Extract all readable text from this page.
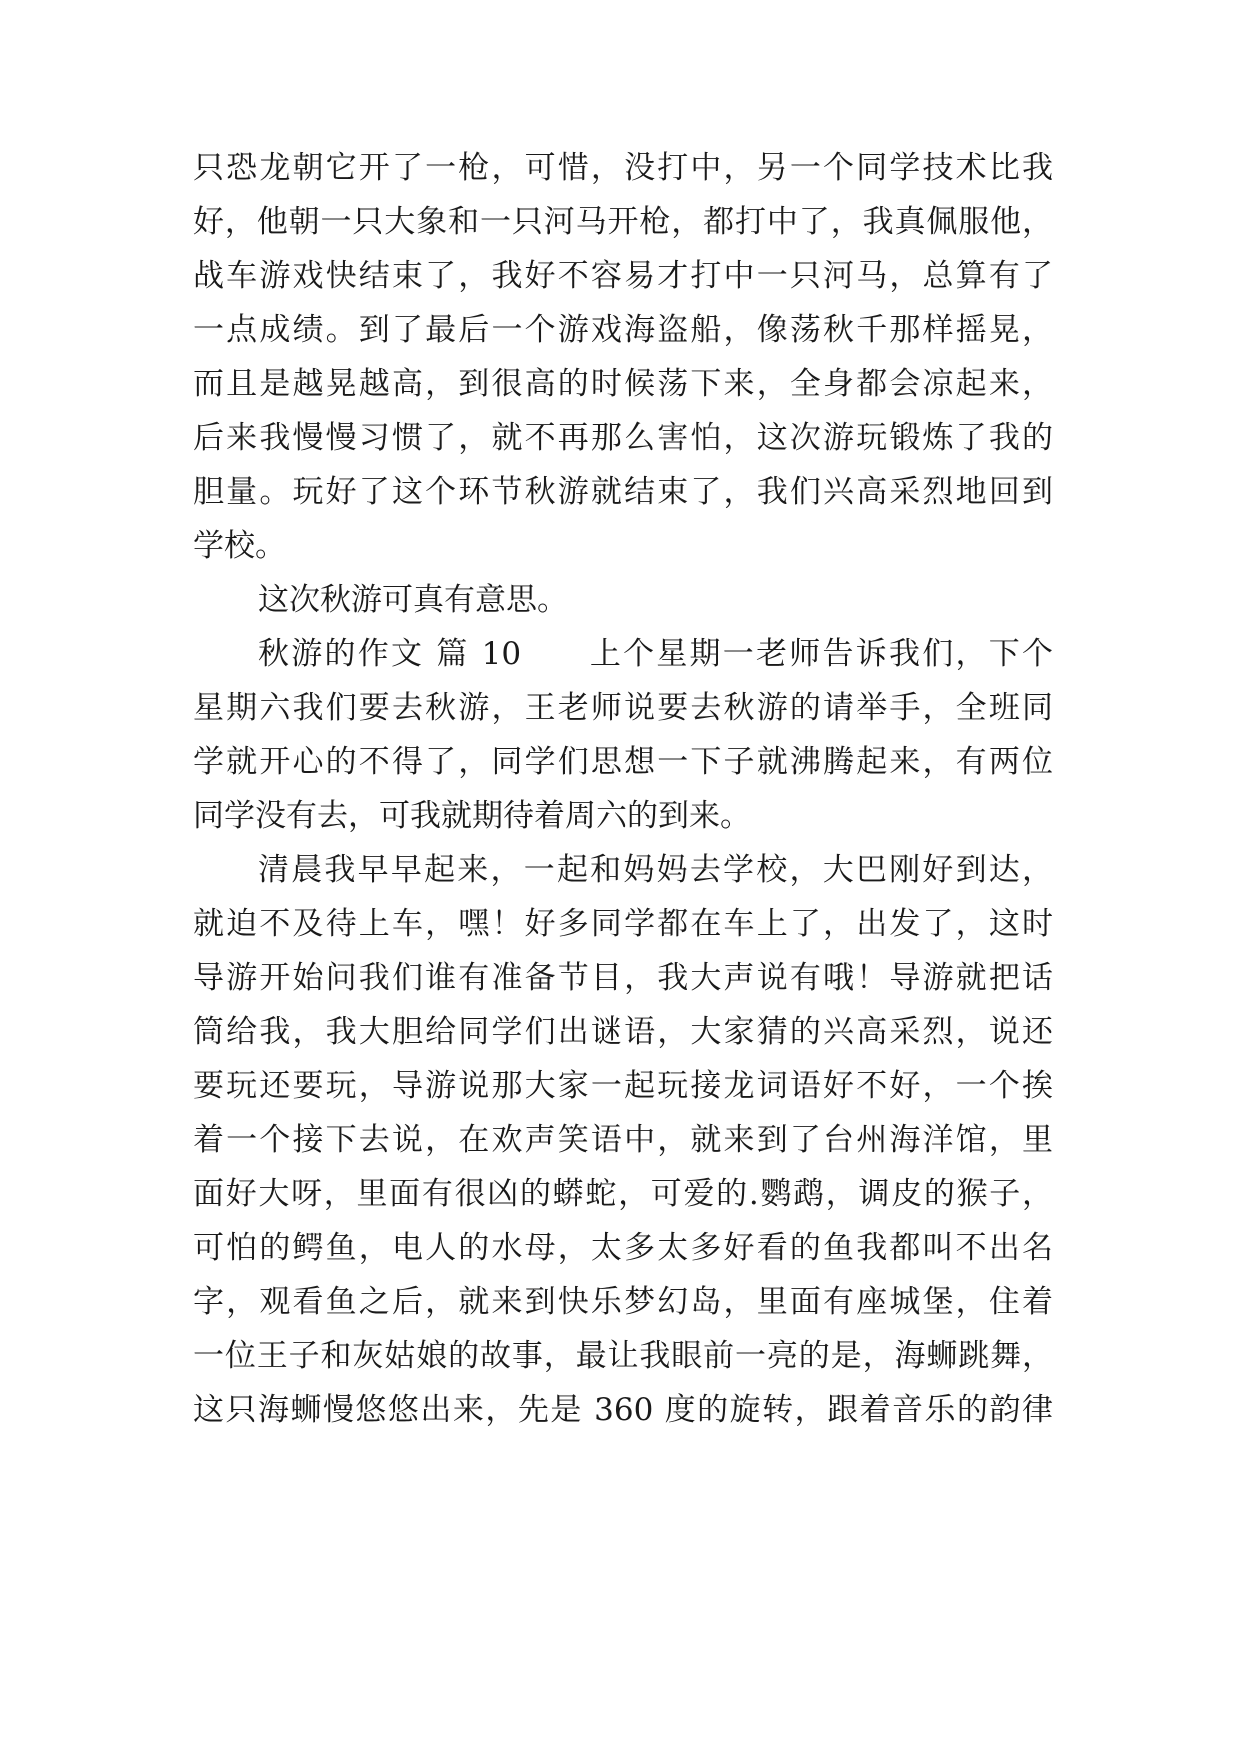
只恐龙朝它开了一枪，可惜，没打中，另一个同学技术比我
好，他朝一只大象和一只河马开枪，都打中了，我真佩服他，
战车游戏快结束了，我好不容易才打中一只河马，总算有了
一点成绩。到了最后一个游戏海盗船，像荡秋千那样摇晃，
而且是越晃越高，到很高的时候荡下来，全身都会凉起来，
后来我慢慢习惯了，就不再那么害怕，这次游玩锻炼了我的
胆量。玩好了这个环节秋游就结束了，我们兴高采烈地回到
学校。
这次秋游可真有意思。
秋游的作文 篇 10　　上个星期一老师告诉我们，下个
星期六我们要去秋游，王老师说要去秋游的请举手，全班同
学就开心的不得了，同学们思想一下子就沸腾起来，有两位
同学没有去，可我就期待着周六的到来。
清晨我早早起来，一起和妈妈去学校，大巴刚好到达，
就迫不及待上车，嘿！好多同学都在车上了，出发了，这时
导游开始问我们谁有准备节目，我大声说有哦！导游就把话
筒给我，我大胆给同学们出谜语，大家猜的兴高采烈，说还
要玩还要玩，导游说那大家一起玩接龙词语好不好，一个挨
着一个接下去说，在欢声笑语中，就来到了台州海洋馆，里
面好大呀，里面有很凶的蟒蛇，可爱的.鹦鹉，调皮的猴子，
可怕的鳄鱼，电人的水母，太多太多好看的鱼我都叫不出名
字，观看鱼之后，就来到快乐梦幻岛，里面有座城堡，住着
一位王子和灰姑娘的故事，最让我眼前一亮的是，海蛳跳舞，
这只海蛳慢悠悠出来，先是 360 度的旋转，跟着音乐的韵律
